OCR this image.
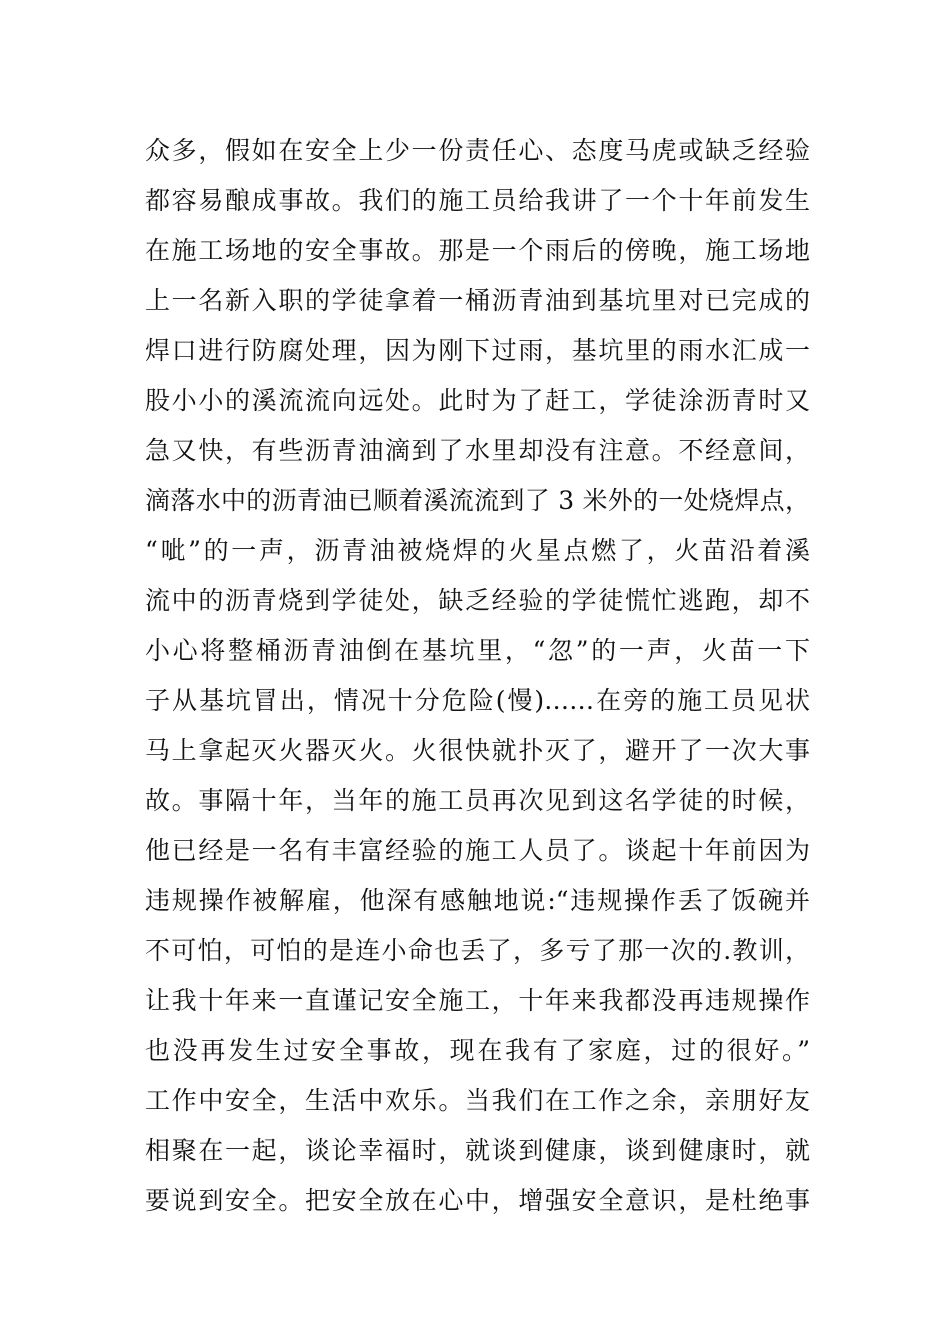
众多，假如在安全上少一份责任心、态度马虎或缺乏经验
都容易酿成事故。我们的施工员给我讲了一个十年前发生
在施工场地的安全事故。那是一个雨后的傍晚，施工场地
上一名新入职的学徒拿着一桶沥青油到基坑里对已完成的
焊口进行防腐处理，因为刚下过雨，基坑里的雨水汇成一
股小小的溪流流向远处。此时为了赶工，学徒涂沥青时又
急又快，有些沥青油滴到了水里却没有注意。不经意间，
滴落水中的沥青油已顺着溪流流到了 3 米外的一处烧焊点，
“呲”的一声，沥青油被烧焊的火星点燃了，火苗沿着溪
流中的沥青烧到学徒处，缺乏经验的学徒慌忙逃跑，却不
小心将整桶沥青油倒在基坑里，“忽”的一声，火苗一下
子从基坑冒出，情况十分危险(慢)……在旁的施工员见状
马上拿起灭火器灭火。火很快就扑灭了，避开了一次大事
故。事隔十年，当年的施工员再次见到这名学徒的时候，
他已经是一名有丰富经验的施工人员了。谈起十年前因为
违规操作被解雇，他深有感触地说:“违规操作丢了饭碗并
不可怕，可怕的是连小命也丢了，多亏了那一次的.教训，
让我十年来一直谨记安全施工，十年来我都没再违规操作
也没再发生过安全事故，现在我有了家庭，过的很好。”
工作中安全，生活中欢乐。当我们在工作之余，亲朋好友
相聚在一起，谈论幸福时，就谈到健康，谈到健康时，就
要说到安全。把安全放在心中，增强安全意识，是杜绝事
